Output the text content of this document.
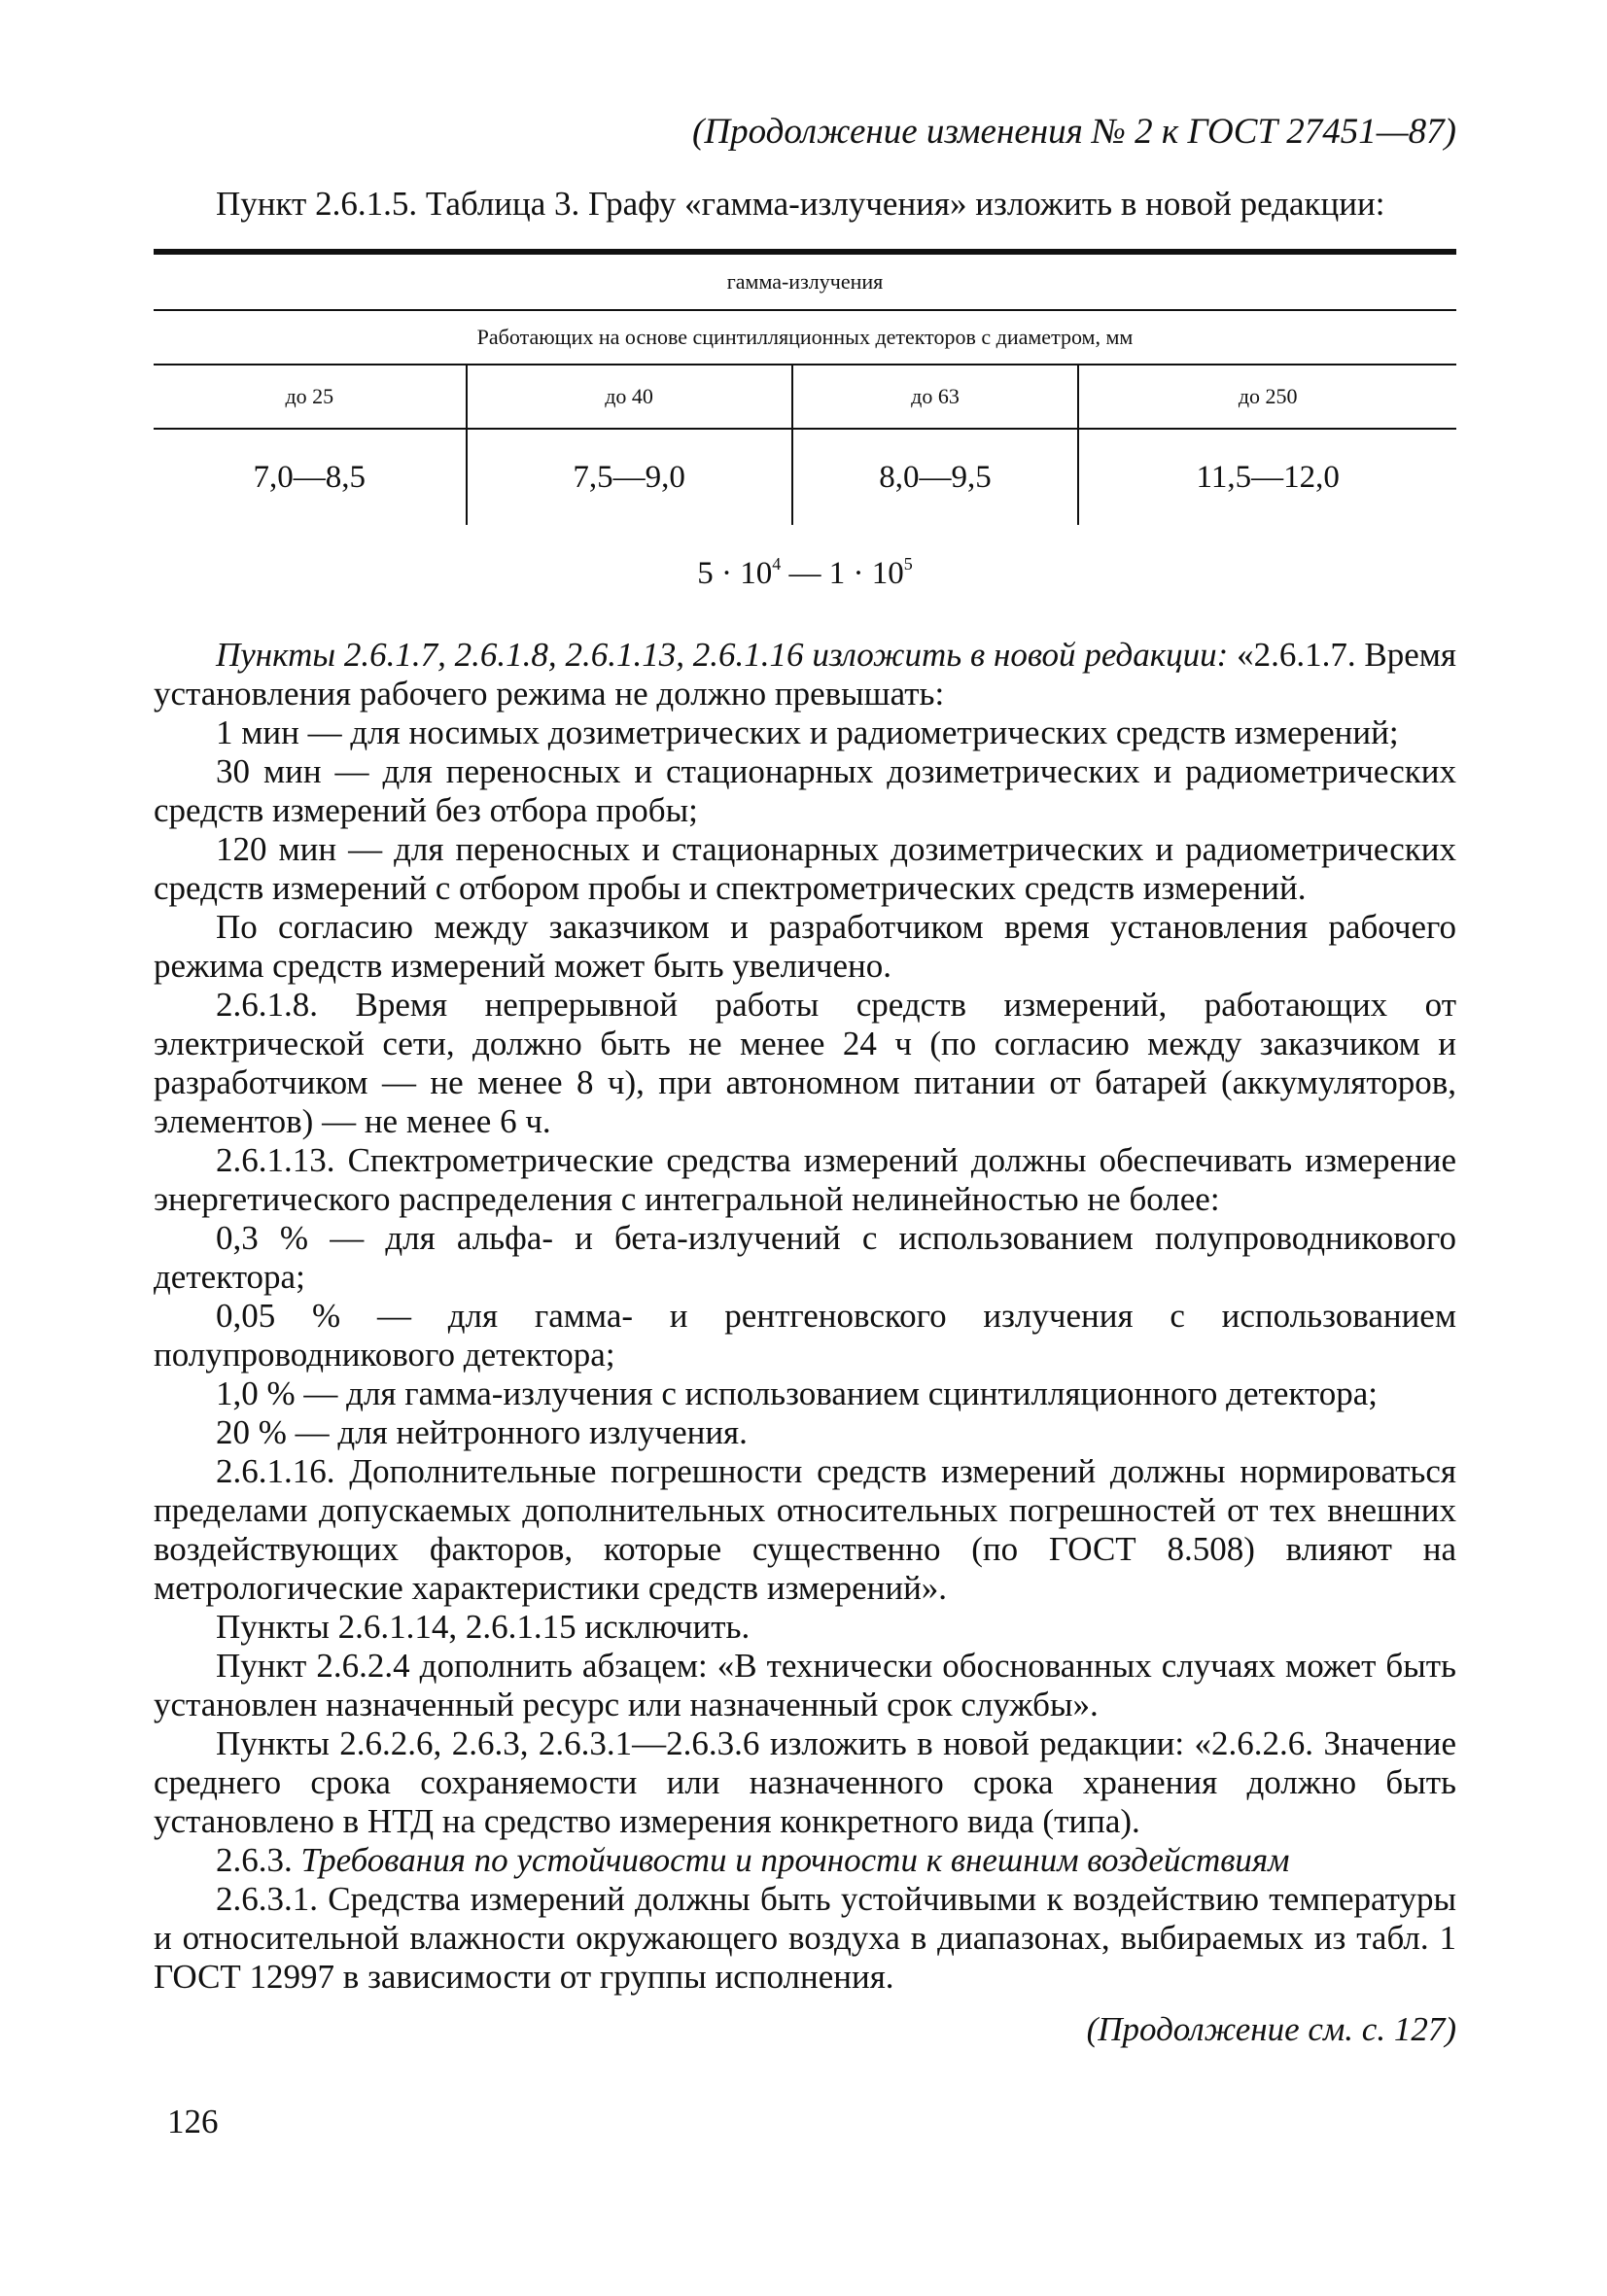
(Продолжение изменения № 2 к ГОСТ 27451—87)

Пункт 2.6.1.5. Таблица 3. Графу «гамма-излучения» изложить в новой редакции:

гамма-излучения			
Работающих на основе сцинтилляционных детекторов с диаметром, мм			
до 25	до 40	до 63	до 250
7,0—8,5	7,5—9,0	8,0—9,5	11,5—12,0
$5 \cdot 10^4$ — $1 \cdot 10^5$

Пункты 2.6.1.7, 2.6.1.8, 2.6.1.13, 2.6.1.16 изложить в новой редакции: «2.6.1.7. Время установления рабочего режима не должно превышать:

1 мин — для носимых дозиметрических и радиометрических средств измерений;

30 мин — для переносных и стационарных дозиметрических и радиометрических средств измерений без отбора пробы;

120 мин — для переносных и стационарных дозиметрических и радиометрических средств измерений с отбором пробы и спектрометрических средств измерений.

По согласию между заказчиком и разработчиком время установления рабочего режима средств измерений может быть увеличено.

2.6.1.8. Время непрерывной работы средств измерений, работающих от электрической сети, должно быть не менее 24 ч (по согласию между заказчиком и разработчиком — не менее 8 ч), при автономном питании от батарей (аккумуляторов, элементов) — не менее 6 ч.

2.6.1.13. Спектрометрические средства измерений должны обеспечивать измерение энергетического распределения с интегральной нелинейностью не более:

0,3 % — для альфа- и бета-излучений с использованием полупроводникового детектора;

0,05 % — для гамма- и рентгеновского излучения с использованием полупроводникового детектора;

1,0 % — для гамма-излучения с использованием сцинтилляционного детектора;

20 % — для нейтронного излучения.

2.6.1.16. Дополнительные погрешности средств измерений должны нормироваться пределами допускаемых дополнительных относительных погрешностей от тех внешних воздействующих факторов, которые существенно (по ГОСТ 8.508) влияют на метрологические характеристики средств измерений».

Пункты 2.6.1.14, 2.6.1.15 исключить.

Пункт 2.6.2.4 дополнить абзацем: «В технически обоснованных случаях может быть установлен назначенный ресурс или назначенный срок службы».

Пункты 2.6.2.6, 2.6.3, 2.6.3.1—2.6.3.6 изложить в новой редакции: «2.6.2.6. Значение среднего срока сохраняемости или назначенного срока хранения должно быть установлено в НТД на средство измерения конкретного вида (типа).

2.6.3. Требования по устойчивости и прочности к внешним воздействиям

2.6.3.1. Средства измерений должны быть устойчивыми к воздействию температуры и относительной влажности окружающего воздуха в диапазонах, выбираемых из табл. 1 ГОСТ 12997 в зависимости от группы исполнения.

(Продолжение см. с. 127)
126
